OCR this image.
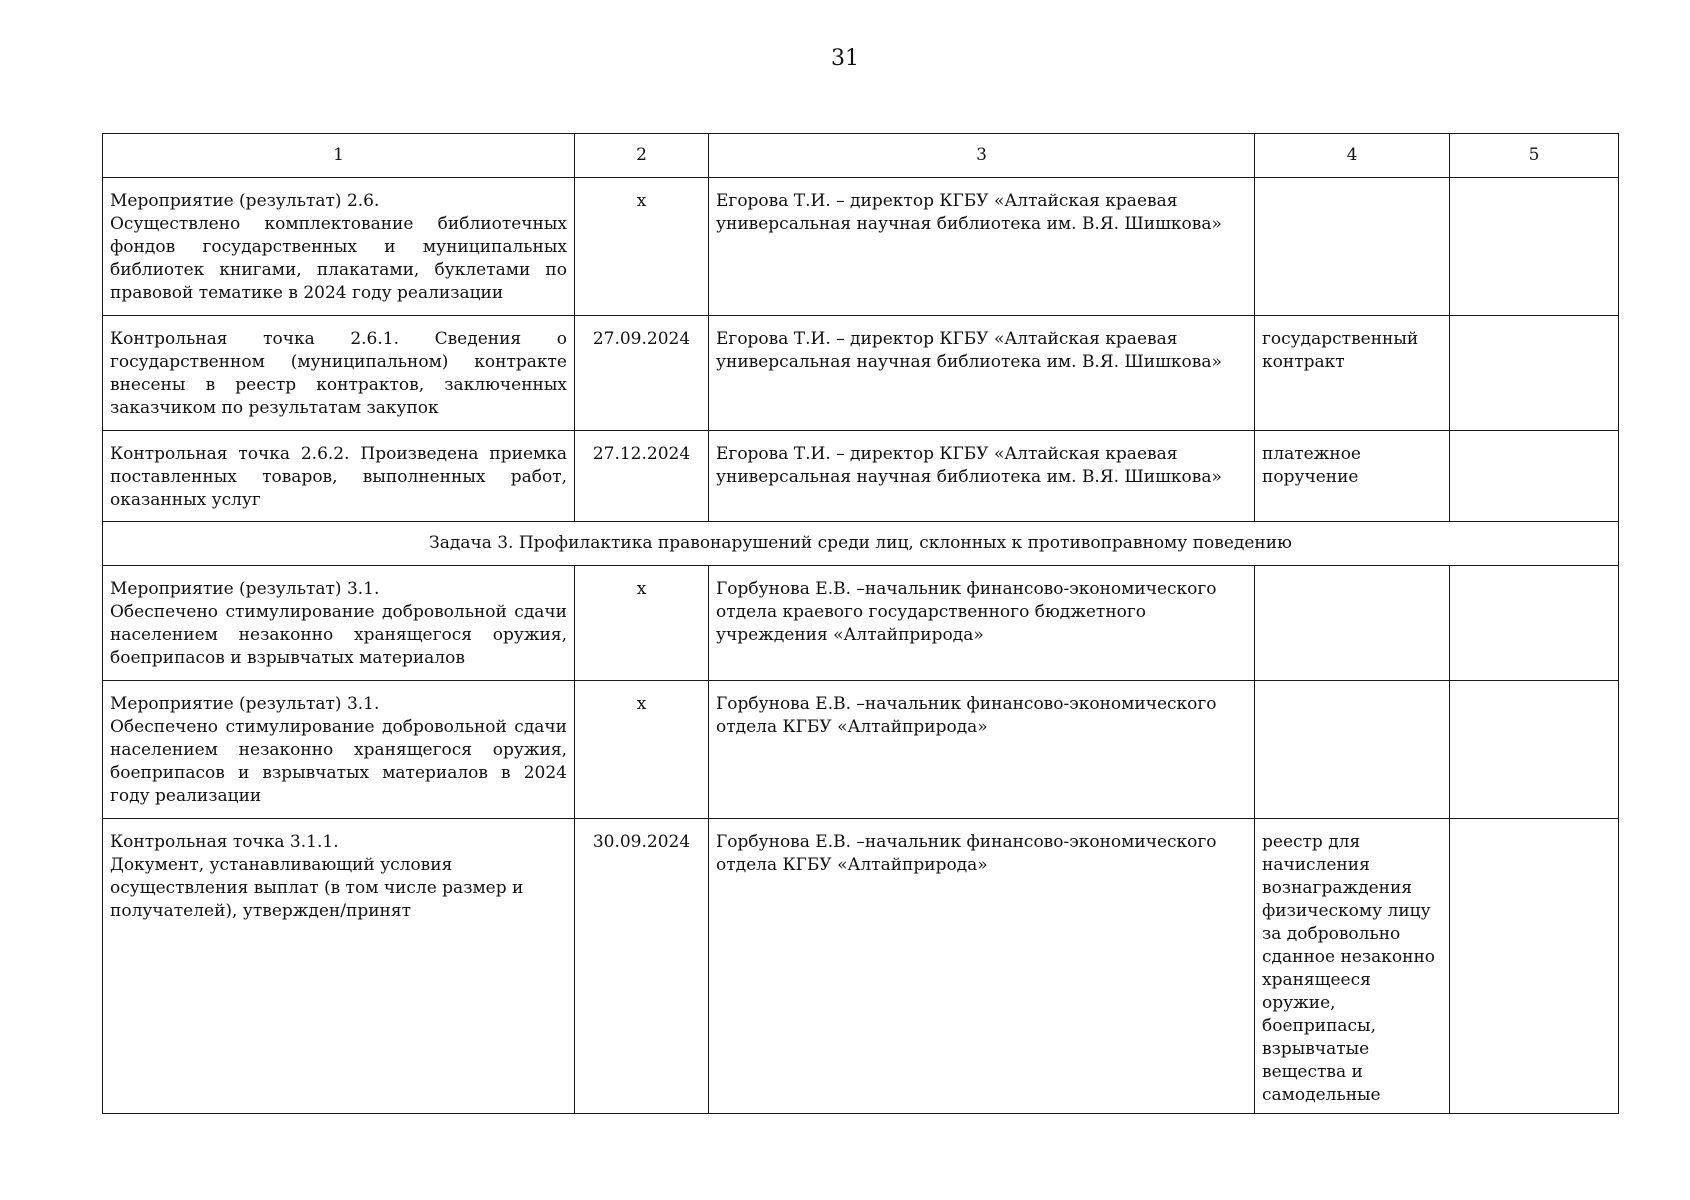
31
1	2	3	4	5

Мероприятие (результат) 2.6.
Осуществлено комплектование библиотечных фондов государственных и муниципальных библиотек книгами, плакатами, буклетами по правовой тематике в 2024 году реализации	х	Егорова Т.И. – директор КГБУ «Алтайская краевая универсальная научная библиотека им. В.Я. Шишкова»		
Контрольная точка 2.6.1. Сведения о государственном (муниципальном) контракте внесены в реестр контрактов, заключенных заказчиком по результатам закупок	27.09.2024	Егорова Т.И. – директор КГБУ «Алтайская краевая универсальная научная библиотека им. В.Я. Шишкова»	государственный контракт	
Контрольная точка 2.6.2. Произведена приемка поставленных товаров, выполненных работ, оказанных услуг	27.12.2024	Егорова Т.И. – директор КГБУ «Алтайская краевая универсальная научная библиотека им. В.Я. Шишкова»	платежное поручение	
Задача 3. Профилактика правонарушений среди лиц, склонных к противоправному поведению				

Мероприятие (результат) 3.1.
Обеспечено стимулирование добровольной сдачи населением незаконно хранящегося оружия, боеприпасов и взрывчатых материалов	х	Горбунова Е.В. –начальник финансово-экономического отдела краевого государственного бюджетного учреждения «Алтайприрода»		

Мероприятие (результат) 3.1.
Обеспечено стимулирование добровольной сдачи населением незаконно хранящегося оружия, боеприпасов и взрывчатых материалов в 2024 году реализации	х	Горбунова Е.В. –начальник финансово-экономического отдела КГБУ «Алтайприрода»		

Контрольная точка 3.1.1.
Документ, устанавливающий условия осуществления выплат (в том числе размер и получателей), утвержден/принят	30.09.2024	Горбунова Е.В. –начальник финансово-экономического отдела КГБУ «Алтайприрода»	реестр для начисления вознаграждения физическому лицу за добровольно сданное незаконно хранящееся оружие, боеприпасы, взрывчатые вещества и самодельные	
